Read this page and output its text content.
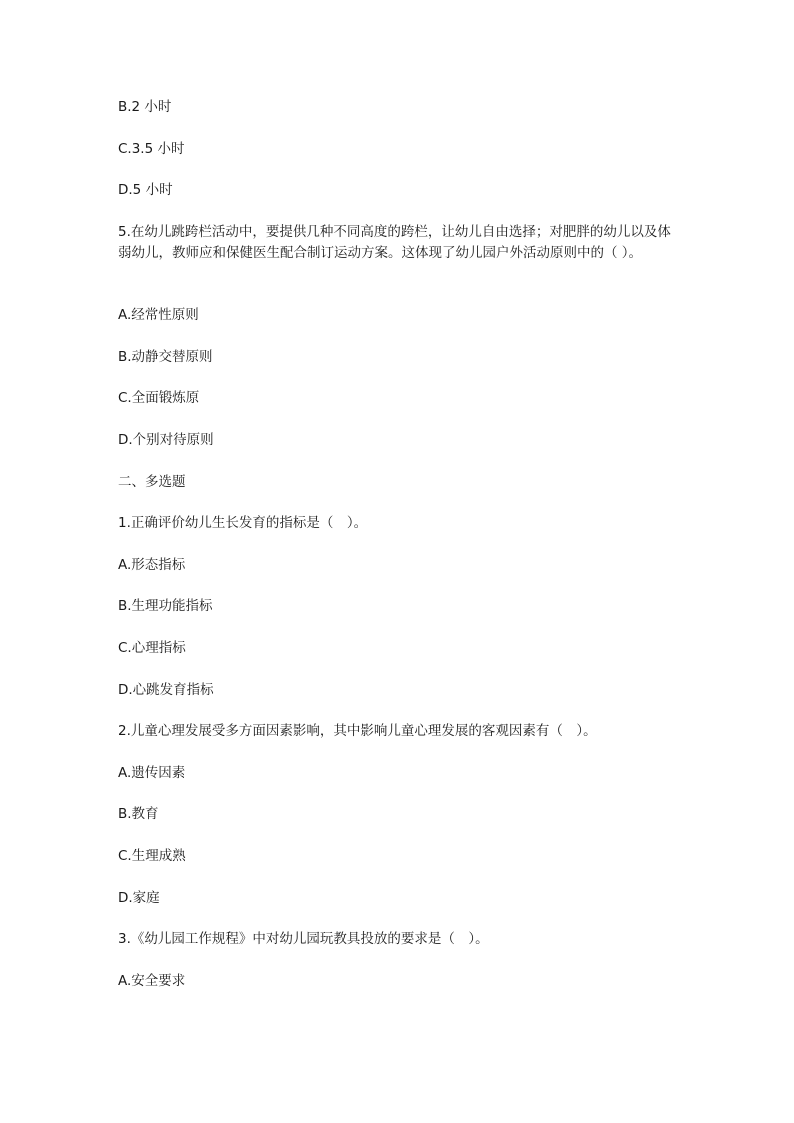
B.2 小时
C.3.5 小时
D.5 小时
5.在幼儿跳跨栏活动中，要提供几种不同高度的跨栏，让幼儿自由选择；对肥胖的幼儿以及体弱幼儿，教师应和保健医生配合制订运动方案。这体现了幼儿园户外活动原则中的（ ）。
A.经常性原则
B.动静交替原则
C.全面锻炼原
D.个别对待原则
二、多选题
1.正确评价幼儿生长发育的指标是（　）。
A.形态指标
B.生理功能指标
C.心理指标
D.心跳发育指标
2.儿童心理发展受多方面因素影响，其中影响儿童心理发展的客观因素有（　）。
A.遗传因素
B.教育
C.生理成熟
D.家庭
3.《幼儿园工作规程》中对幼儿园玩教具投放的要求是（　）。
A.安全要求
